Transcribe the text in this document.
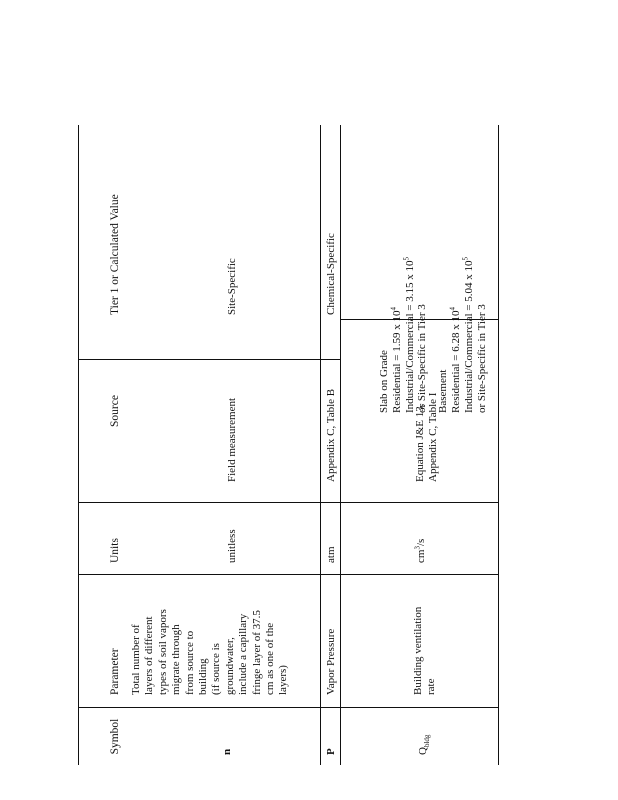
Symbol
Parameter
Units
Source
Tier 1 or Calculated Value
n
Total number of layers of different types of soil vapors migrate through from source to building (if source is groundwater, include a capillary fringe layer of 37.5 cm as one of the layers)
unitless
Field measurement
Site-Specific
P
Vapor Pressure
atm
Appendix C, Table B
Chemical-Specific
$Q_{bldg}$
Building ventilation rate
$cm^3/s$
Equation J&E 13, Appendix C, Table I
Slab on Grade Residential = 1.59 x $10^4$ Industrial/Commercial = 3.15 x $10^5$
or Site-Specific in Tier 3 Basement Residential = 6.28 x $10^4$ Industrial/Commercial = 5.04 x $10^5$
or Site-Specific in Tier 3
